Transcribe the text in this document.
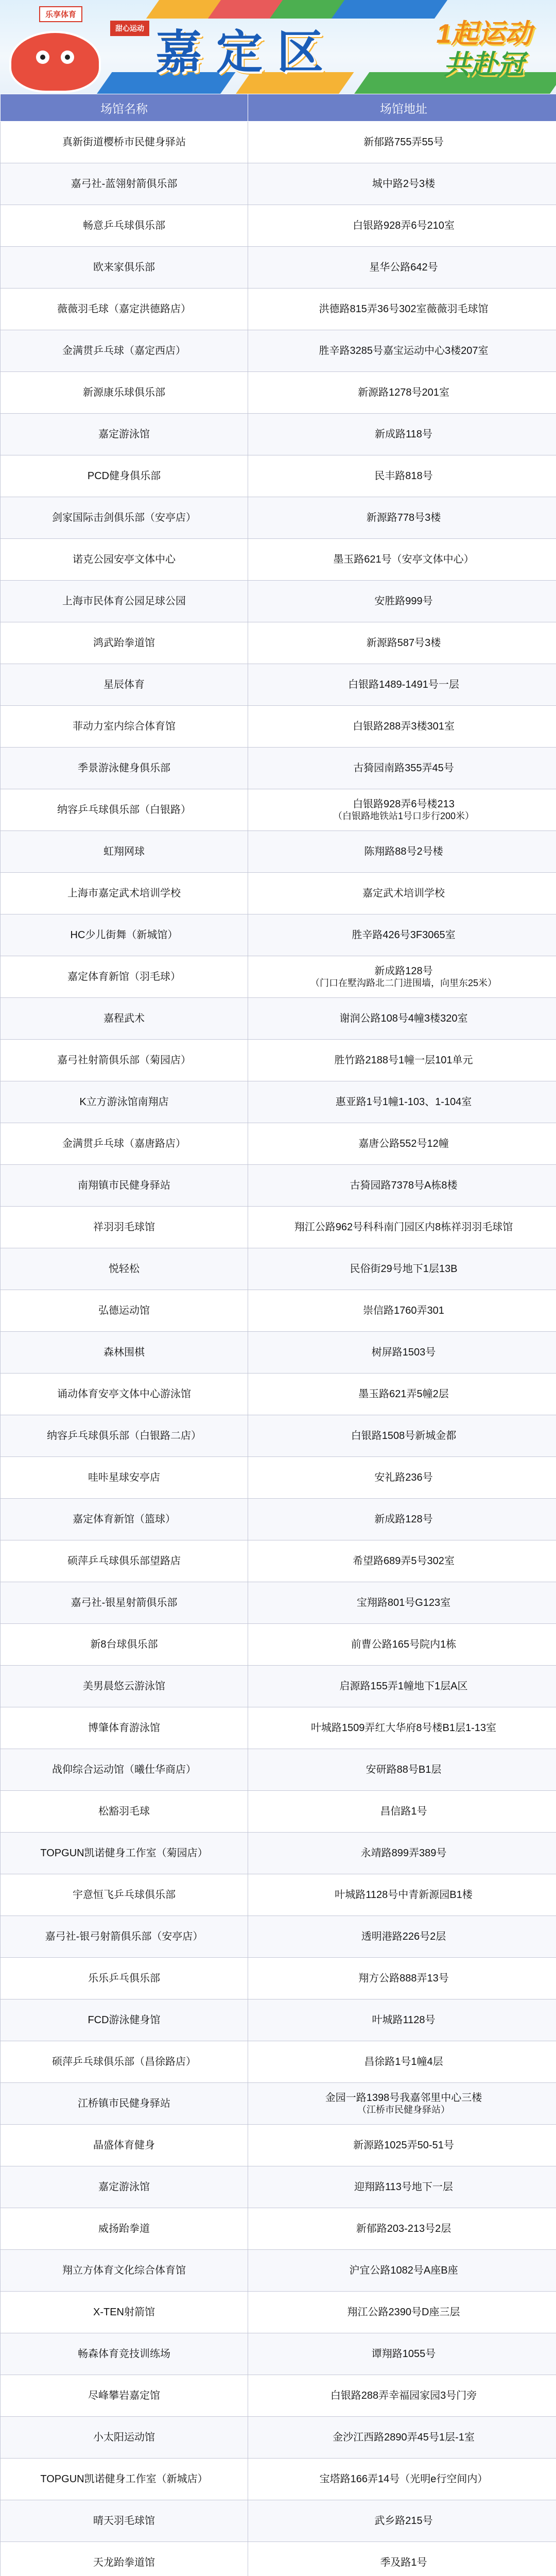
乐享体育
甜心运动 嘉定区	1起运动
共赴冠
场馆名称	场馆地址
真新街道樱桥市民健身驿站	新郁路755弄55号
嘉弓社-蓝翎射箭俱乐部	城中路2号3楼
畅意乒乓球俱乐部	白银路928弄6号210室
欧来家俱乐部	星华公路642号
薇薇羽毛球（嘉定洪德路店）	洪德路815弄36号302室薇薇羽毛球馆
金满贯乒乓球（嘉定西店）	胜辛路3285号嘉宝运动中心3楼207室
新源康乐球俱乐部	新源路1278号201室
嘉定游泳馆	新成路118号
PCD健身俱乐部	民丰路818号
剑家国际击剑俱乐部（安亭店）	新源路778号3楼
诺克公园安亭文体中心	墨玉路621号（安亭文体中心）
上海市民体育公园足球公园	安胜路999号
鸿武跆拳道馆	新源路587号3楼
星辰体育	白银路1489-1491号一层
菲动力室内综合体育馆	白银路288弄3楼301室
季景游泳健身俱乐部	古猗园南路355弄45号
纳容乒乓球俱乐部（白银路）	白银路928弄6号楼213
（白银路地铁站1号口步行200米）

虹翔网球	陈翔路88号2号楼
上海市嘉定武术培训学校	嘉定武术培训学校
HC少儿街舞（新城馆）	胜辛路426号3F3065室
嘉定体育新馆（羽毛球）	新成路128号
（门口在墅沟路北二门进围墙，向里东25米）

嘉程武术	谢润公路108号4幢3楼320室
嘉弓社射箭俱乐部（菊园店）	胜竹路2188号1幢一层101单元
K立方游泳馆南翔店	惠亚路1号1幢1-103、1-104室
金满贯乒乓球（嘉唐路店）	嘉唐公路552号12幢
南翔镇市民健身驿站	古猗园路7378号A栋8楼
祥羽羽毛球馆	翔江公路962号科科南门园区内8栋祥羽羽毛球馆
悦轻松	民俗街29号地下1层13B
弘德运动馆	崇信路1760弄301
森林围棋	树屏路1503号
诵动体育安亭文体中心游泳馆	墨玉路621弄5幢2层
纳容乒乓球俱乐部（白银路二店）	白银路1508号新城金都
哇咔星球安亭店	安礼路236号
嘉定体育新馆（篮球）	新成路128号
硕萍乒乓球俱乐部望路店	希望路689弄5号302室
嘉弓社-银星射箭俱乐部	宝翔路801号G123室
新8台球俱乐部	前曹公路165号院内1栋
美男晨悠云游泳馆	启源路155弄1幢地下1层A区
博肇体育游泳馆	叶城路1509弄红大华府8号楼B1层1-13室
战仰综合运动馆（曦仕华商店）	安研路88号B1层
松豁羽毛球	昌信路1号
TOPGUN凯诺健身工作室（菊园店）	永靖路899弄389号
宇意恒飞乒乓球俱乐部	叶城路1128号中青新源园B1楼
嘉弓社-银弓射箭俱乐部（安亭店）	透明港路226号2层
乐乐乒乓俱乐部	翔方公路888弄13号
FCD游泳健身馆	叶城路1128号
硕萍乒乓球俱乐部（昌徐路店）	昌徐路1号1幢4层
江桥镇市民健身驿站	金园一路1398号我嘉邻里中心三楼
（江桥市民健身驿站）

晶盛体育健身	新源路1025弄50-51号
嘉定游泳馆	迎翔路113号地下一层
威扬跆拳道	新郁路203-213号2层
翔立方体育文化综合体育馆	沪宜公路1082号A座B座
X-TEN射箭馆	翔江公路2390号D座三层
畅森体育竞技训练场	谭翔路1055号
尽峰攀岩嘉定馆	白银路288弄幸福园家园3号门旁
小太阳运动馆	金沙江西路2890弄45号1层-1室
TOPGUN凯诺健身工作室（新城店）	宝塔路166弄14号（光明e行空间内）
晴天羽毛球馆	武乡路215号
天龙跆拳道馆	季及路1号
